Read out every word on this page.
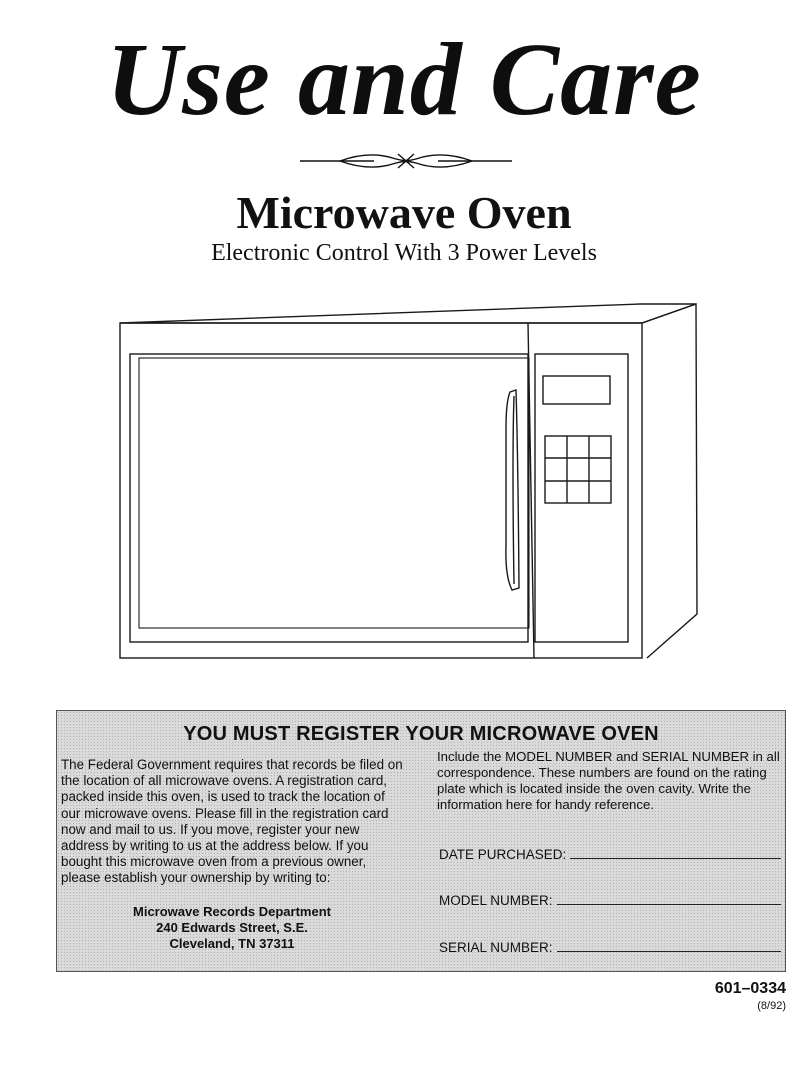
Use and Care
Microwave Oven
Electronic Control With 3 Power Levels
YOU MUST REGISTER YOUR MICROWAVE OVEN
The Federal Government requires that records be filed on the location of all microwave ovens. A registration card, packed inside this oven, is used to track the location of our microwave ovens. Please fill in the registration card now and mail to us. If you move, register your new address by writing to us at the address below. If you bought this microwave oven from a previous owner, please establish your ownership by writing to:
Microwave Records Department
240 Edwards Street, S.E.
Cleveland, TN 37311
Include the MODEL NUMBER and SERIAL NUMBER in all correspondence. These numbers are found on the rating plate which is located inside the oven cavity. Write the information here for handy reference.
DATE PURCHASED:
MODEL NUMBER:
SERIAL NUMBER:
601–0334
(8/92)
